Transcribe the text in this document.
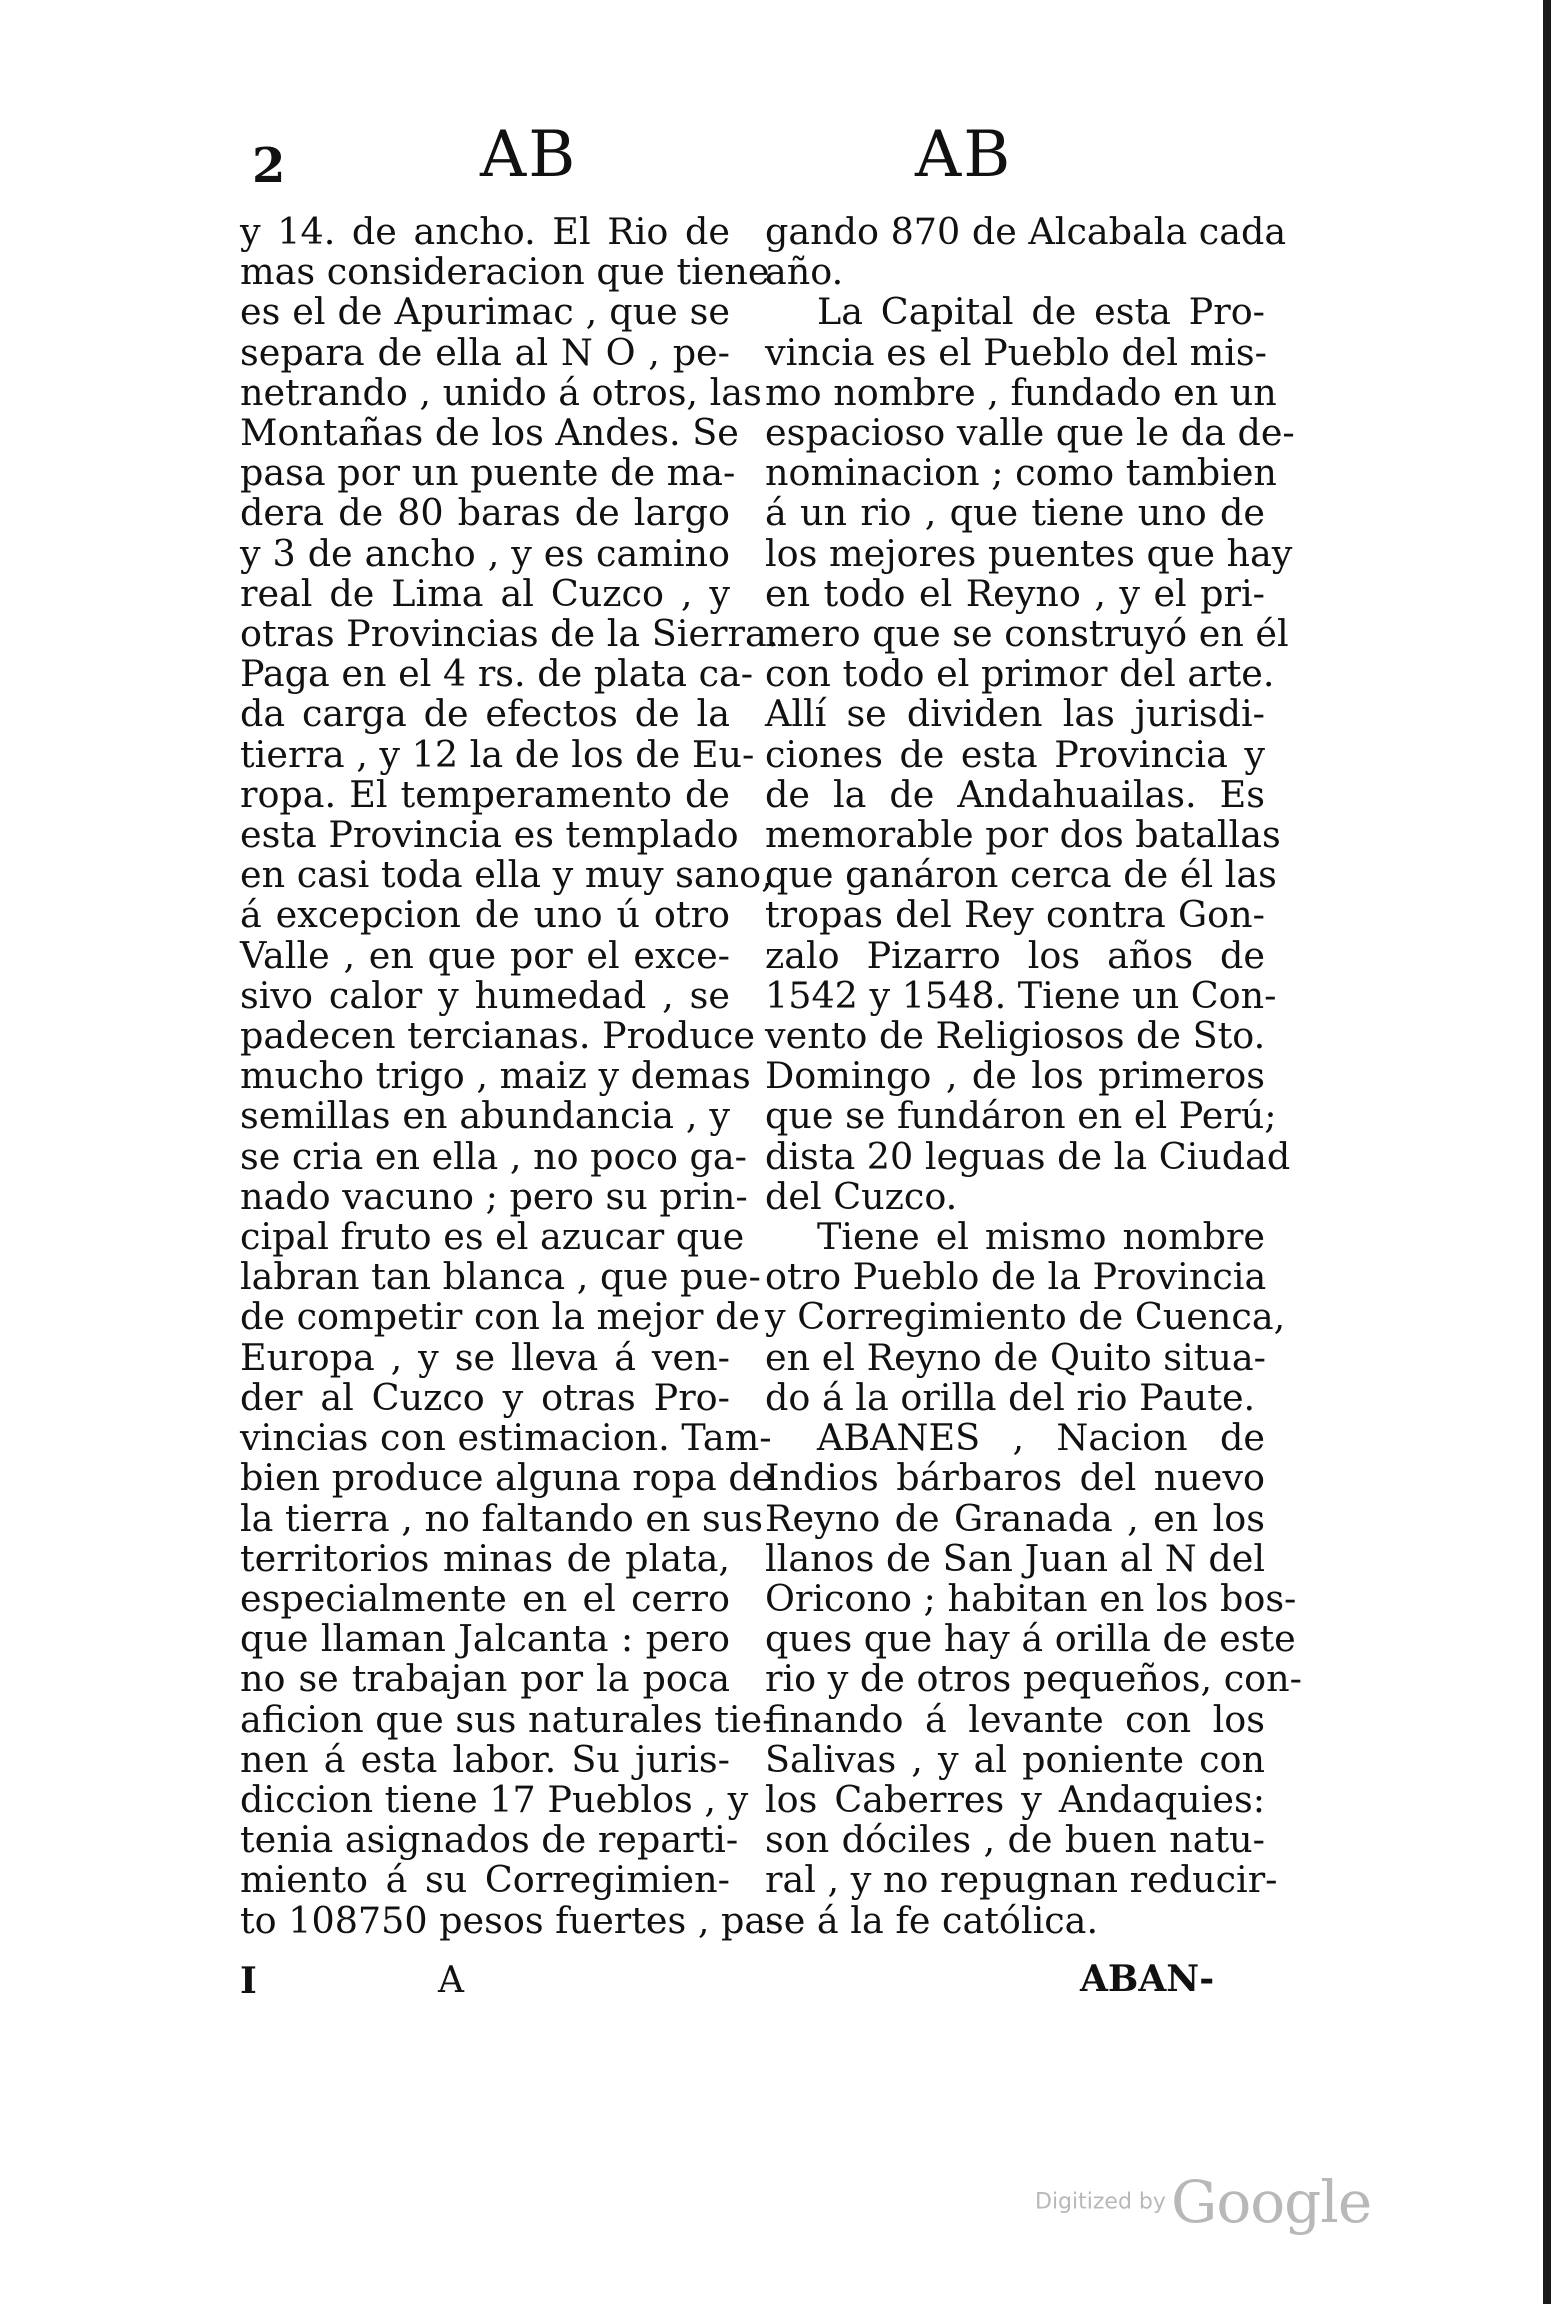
2	AB	AB
y 14. de ancho. El Rio de
mas consideracion que tiene
es el de Apurimac , que se
separa de ella al N O , pe-
netrando , unido á otros, las
Montañas de los Andes. Se
pasa por un puente de ma-
dera de 80 baras de largo
y 3 de ancho , y es camino
real de Lima al Cuzco , y
otras Provincias de la Sierra.
Paga en el 4 rs. de plata ca-
da carga de efectos de la
tierra , y 12 la de los de Eu-
ropa. El temperamento de
esta Provincia es templado
en casi toda ella y muy sano,
á excepcion de uno ú otro
Valle , en que por el exce-
sivo calor y humedad , se
padecen tercianas. Produce
mucho trigo , maiz y demas
semillas en abundancia , y
se cria en ella , no poco ga-
nado vacuno ; pero su prin-
cipal fruto es el azucar que
labran tan blanca , que pue-
de competir con la mejor de
Europa , y se lleva á ven-
der al Cuzco y otras Pro-
vincias con estimacion. Tam-
bien produce alguna ropa de
la tierra , no faltando en sus
territorios minas de plata,
especialmente en el cerro
que llaman Jalcanta : pero
no se trabajan por la poca
aficion que sus naturales tie-
nen á esta labor. Su juris-
diccion tiene 17 Pueblos , y
tenia asignados de reparti-
miento á su Corregimien-
to 108750 pesos fuertes , pa-
gando 870 de Alcabala cada
año.
La Capital de esta Pro-
vincia es el Pueblo del mis-
mo nombre , fundado en un
espacioso valle que le da de-
nominacion ; como tambien
á un rio , que tiene uno de
los mejores puentes que hay
en todo el Reyno , y el pri-
mero que se construyó en él
con todo el primor del arte.
Allí se dividen las jurisdi-
ciones de esta Provincia y
de la de Andahuailas. Es
memorable por dos batallas
que ganáron cerca de él las
tropas del Rey contra Gon-
zalo Pizarro los años de
1542 y 1548. Tiene un Con-
vento de Religiosos de Sto.
Domingo , de los primeros
que se fundáron en el Perú;
dista 20 leguas de la Ciudad
del Cuzco.
Tiene el mismo nombre
otro Pueblo de la Provincia
y Corregimiento de Cuenca,
en el Reyno de Quito situa-
do á la orilla del rio Paute.
ABANES , Nacion de
Indios bárbaros del nuevo
Reyno de Granada , en los
llanos de San Juan al N del
Oricono ; habitan en los bos-
ques que hay á orilla de este
rio y de otros pequeños, con-
finando á levante con los
Salivas , y al poniente con
los Caberres y Andaquies:
son dóciles , de buen natu-
ral , y no repugnan reducir-
se á la fe católica.
I	A	ABAN-
Digitized by Google
